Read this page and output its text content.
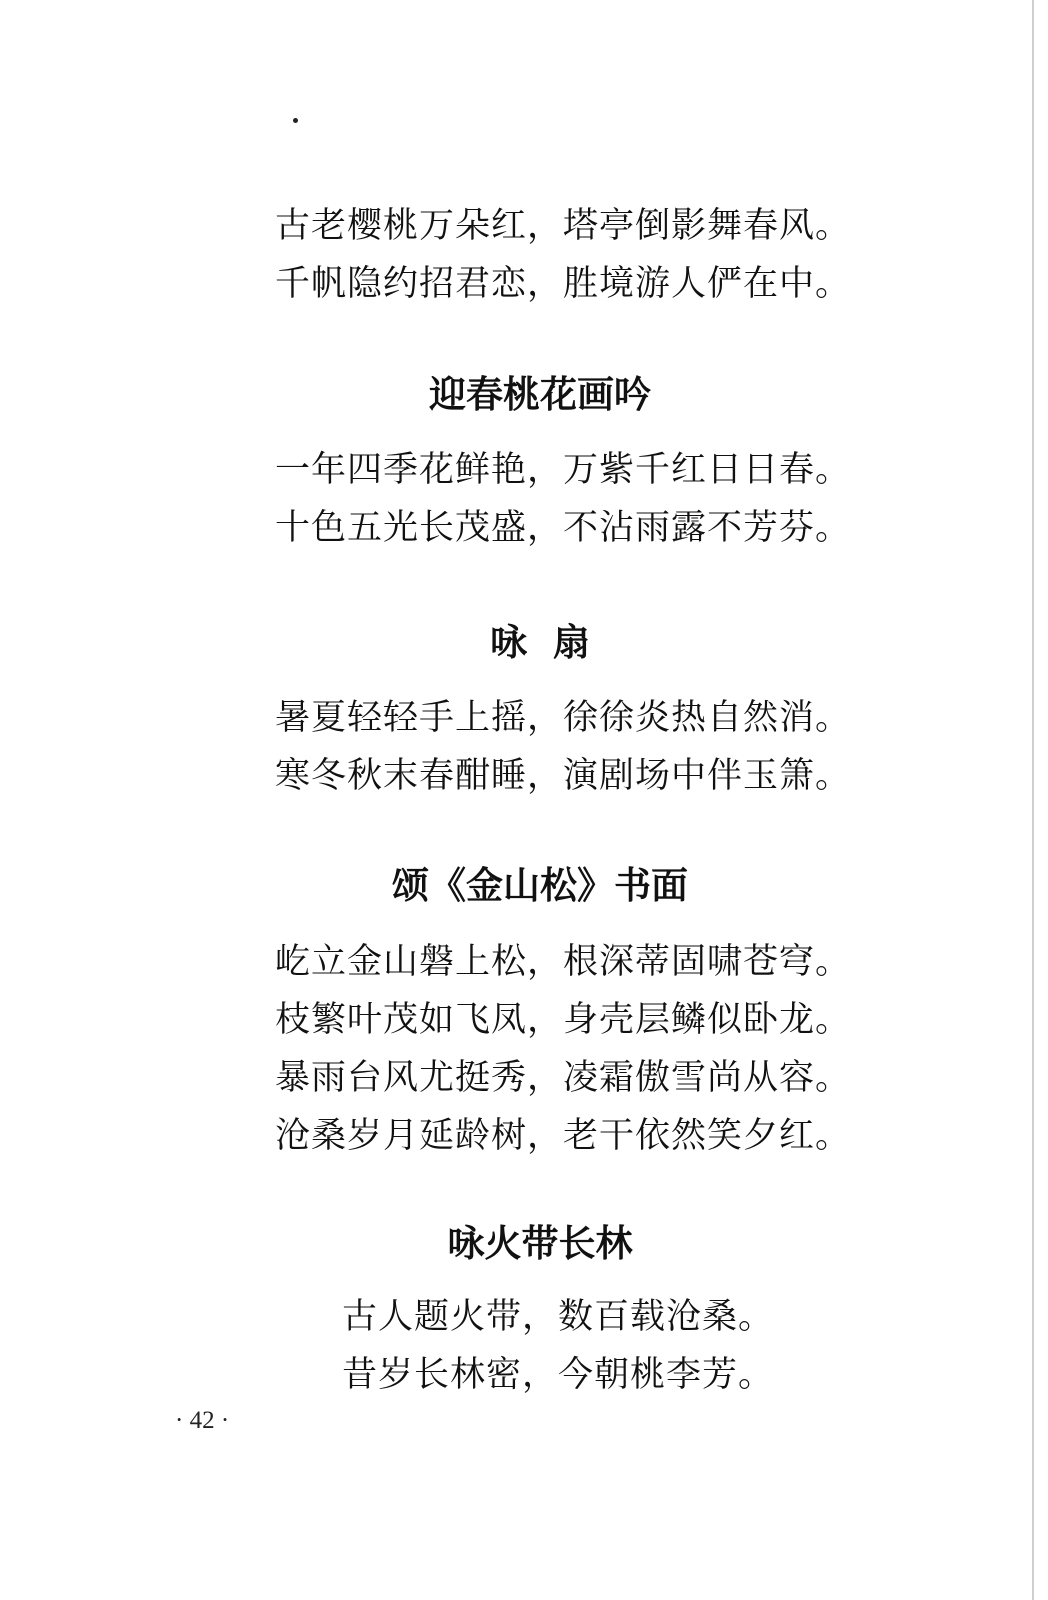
古老樱桃万朵红，塔亭倒影舞春风。
千帆隐约招君恋，胜境游人俨在中。
迎春桃花画吟
一年四季花鲜艳，万紫千红日日春。
十色五光长茂盛，不沾雨露不芳芬。
咏  扇
暑夏轻轻手上摇，徐徐炎热自然消。
寒冬秋末春酣睡，演剧场中伴玉箫。
颂《金山松》书面
屹立金山磐上松，根深蒂固啸苍穹。
枝繁叶茂如飞凤，身壳层鳞似卧龙。
暴雨台风尤挺秀，凌霜傲雪尚从容。
沧桑岁月延龄树，老干依然笑夕红。
咏火带长林
古人题火带，数百载沧桑。
昔岁长林密，今朝桃李芳。
· 42 ·
